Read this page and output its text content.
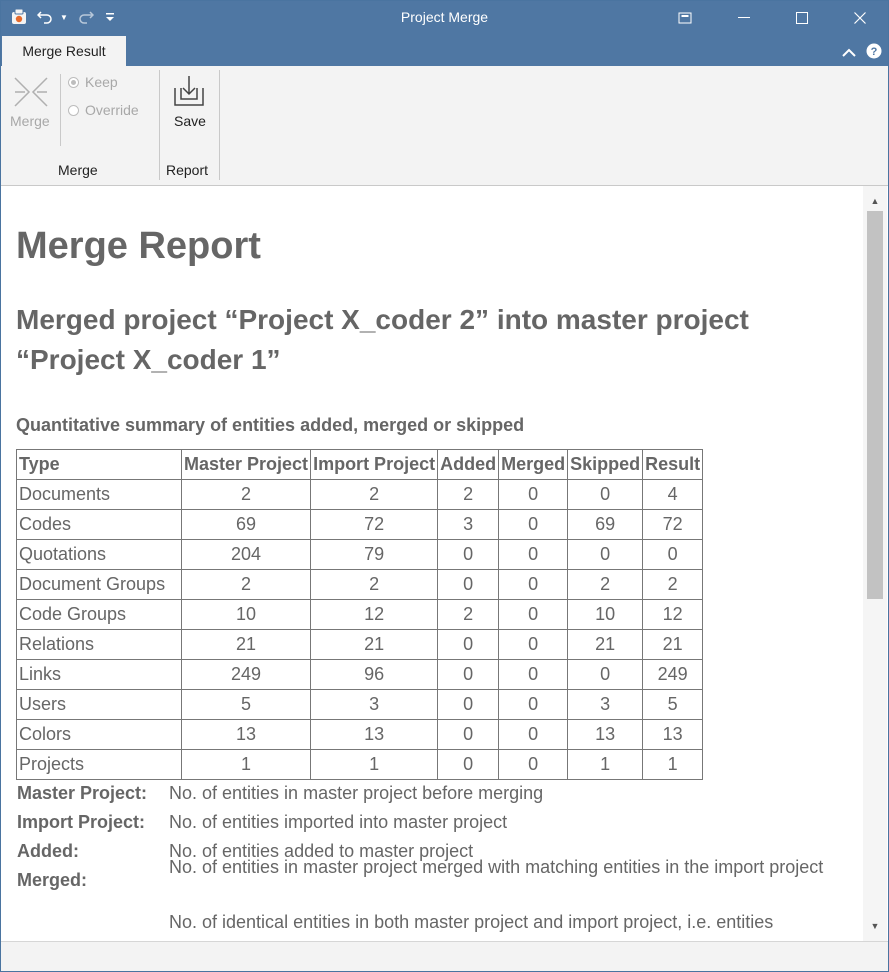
▼	Project Merge
Merge Result	?
Merge
Keep
Override
Merge
Save
Report
Merge Report
Merged project “Project X_coder 2” into master project “Project X_coder 1”
Quantitative summary of entities added, merged or skipped
Type	Master Project	Import Project	Added	Merged	Skipped	Result
Documents	2	2	2	0	0	4
Codes	69	72	3	0	69	72
Quotations	204	79	0	0	0	0
Document Groups	2	2	0	0	2	2
Code Groups	10	12	2	0	10	12
Relations	21	21	0	0	21	21
Links	249	96	0	0	0	249
Users	5	3	0	0	3	5
Colors	13	13	0	0	13	13
Projects	1	1	0	0	1	1
Master Project: No. of entities in master project before merging
Import Project: No. of entities imported into master project
Added:	No. of entities added to master project
Merged:
No. of entities in master project merged with matching entities in the import project
No. of identical entities in both master project and import project, i.e. entities
▲
▼
